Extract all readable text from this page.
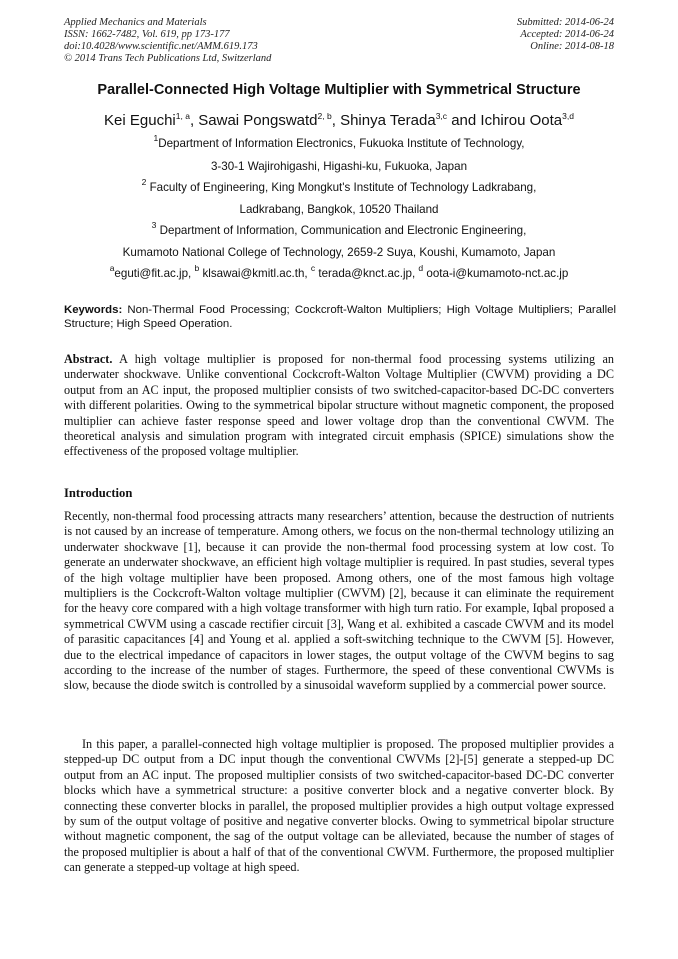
Applied Mechanics and Materials
ISSN: 1662-7482, Vol. 619, pp 173-177
doi:10.4028/www.scientific.net/AMM.619.173
© 2014 Trans Tech Publications Ltd, Switzerland
Submitted: 2014-06-24
Accepted: 2014-06-24
Online: 2014-08-18
Parallel-Connected High Voltage Multiplier with Symmetrical Structure
Kei Eguchi$^{1, a}$, Sawai Pongswatd$^{2, b}$, Shinya Terada$^{3,c}$ and Ichirou Oota$^{3,d}$
$^1$Department of Information Electronics, Fukuoka Institute of Technology,
3-30-1 Wajirohigashi, Higashi-ku, Fukuoka, Japan
$^2$ Faculty of Engineering, King Mongkut's Institute of Technology Ladkrabang,
Ladkrabang, Bangkok, 10520 Thailand
$^3$ Department of Information, Communication and Electronic Engineering,
Kumamoto National College of Technology, 2659-2 Suya, Koushi, Kumamoto, Japan
$^a$eguti@fit.ac.jp, $^b$ klsawai@kmitl.ac.th, $^c$ terada@knct.ac.jp, $^d$ oota-i@kumamoto-nct.ac.jp
Keywords: Non-Thermal Food Processing; Cockcroft-Walton Multipliers; High Voltage Multipliers; Parallel Structure; High Speed Operation.
Abstract. A high voltage multiplier is proposed for non-thermal food processing systems utilizing an underwater shockwave. Unlike conventional Cockcroft-Walton Voltage Multiplier (CWVM) providing a DC output from an AC input, the proposed multiplier consists of two switched-capacitor-based DC-DC converters with different polarities. Owing to the symmetrical bipolar structure without magnetic component, the proposed multiplier can achieve faster response speed and lower voltage drop than the conventional CWVM. The theoretical analysis and simulation program with integrated circuit emphasis (SPICE) simulations show the effectiveness of the proposed voltage multiplier.
Introduction
Recently, non-thermal food processing attracts many researchers’ attention, because the destruction of nutrients is not caused by an increase of temperature. Among others, we focus on the non-thermal technology utilizing an underwater shockwave [1], because it can provide the non-thermal food processing system at low cost. To generate an underwater shockwave, an efficient high voltage multiplier is required. In past studies, several types of the high voltage multiplier have been proposed. Among others, one of the most famous high voltage multipliers is the Cockcroft-Walton voltage multiplier (CWVM) [2], because it can eliminate the requirement for the heavy core compared with a high voltage transformer with high turn ratio. For example, Iqbal proposed a symmetrical CWVM using a cascade rectifier circuit [3], Wang et al. exhibited a cascade CWVM and its model of parasitic capacitances [4] and Young et al. applied a soft-switching technique to the CWVM [5]. However, due to the electrical impedance of capacitors in lower stages, the output voltage of the CWVM begins to sag according to the increase of the number of stages. Furthermore, the speed of these conventional CWVMs is slow, because the diode switch is controlled by a sinusoidal waveform supplied by a commercial power source.
In this paper, a parallel-connected high voltage multiplier is proposed. The proposed multiplier provides a stepped-up DC output from a DC input though the conventional CWVMs [2]-[5] generate a stepped-up DC output from an AC input. The proposed multiplier consists of two switched-capacitor-based DC-DC converter blocks which have a symmetrical structure: a positive converter block and a negative converter block. By connecting these converter blocks in parallel, the proposed multiplier provides a high output voltage expressed by sum of the output voltage of positive and negative converter blocks. Owing to symmetrical bipolar structure without magnetic component, the sag of the output voltage can be alleviated, because the number of stages of the proposed multiplier is about a half of that of the conventional CWVM. Furthermore, the proposed multiplier can generate a stepped-up voltage at high speed.
